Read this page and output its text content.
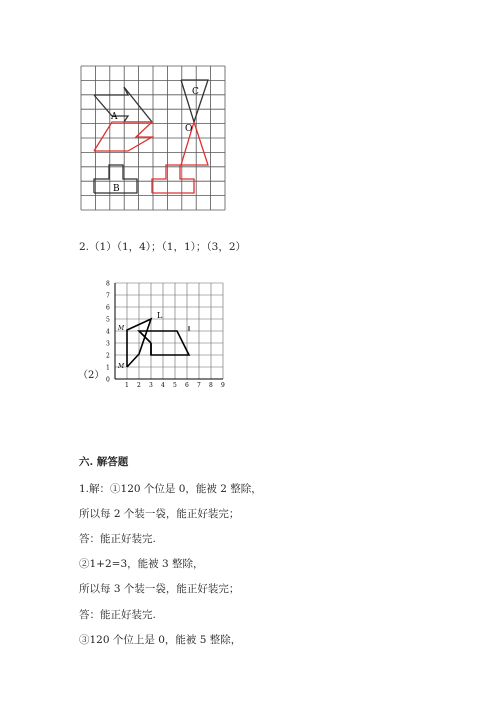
A
B
C
O
2.（1）（1，4）；（1，1）；（3，2）
0
1
2
3
4
5
6
7
8
1 2 3 4 5 6 7 8 9
L
M
M
（2）
六. 解答题
1.解：①120 个位是 0，能被 2 整除，
所以每 2 个装一袋，能正好装完；
答：能正好装完.
②1+2=3，能被 3 整除，
所以每 3 个装一袋，能正好装完；
答：能正好装完.
③120 个位上是 0，能被 5 整除，
